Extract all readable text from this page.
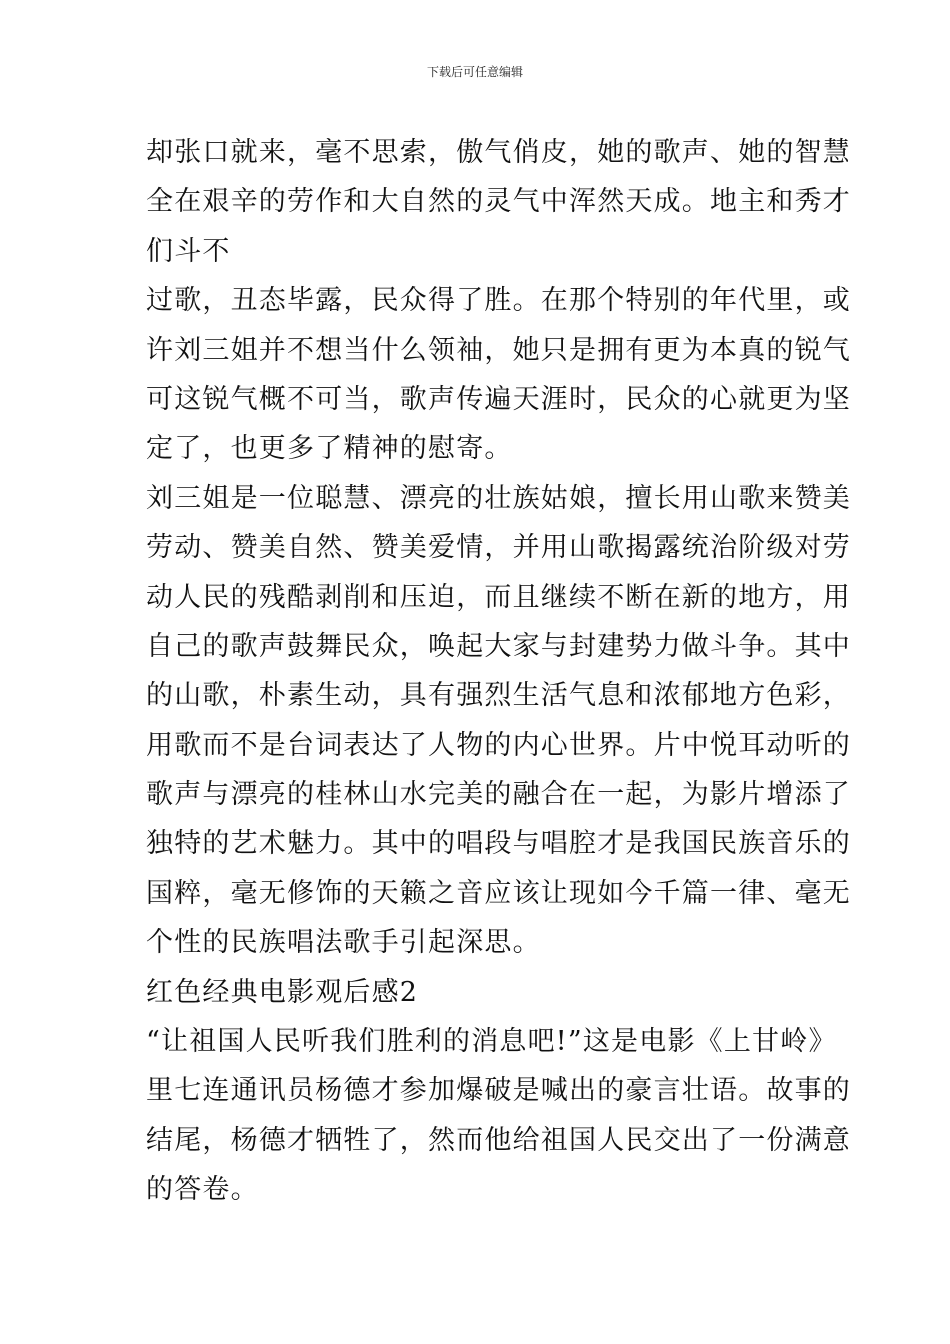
下载后可任意编辑
却张口就来，毫不思索，傲气俏皮，她的歌声、她的智慧
全在艰辛的劳作和大自然的灵气中浑然天成。地主和秀才
们斗不
过歌，丑态毕露，民众得了胜。在那个特别的年代里，或
许刘三姐并不想当什么领袖，她只是拥有更为本真的锐气
可这锐气概不可当，歌声传遍天涯时，民众的心就更为坚
定了，也更多了精神的慰寄。
刘三姐是一位聪慧、漂亮的壮族姑娘，擅长用山歌来赞美
劳动、赞美自然、赞美爱情，并用山歌揭露统治阶级对劳
动人民的残酷剥削和压迫，而且继续不断在新的地方，用
自己的歌声鼓舞民众，唤起大家与封建势力做斗争。其中
的山歌，朴素生动，具有强烈生活气息和浓郁地方色彩，
用歌而不是台词表达了人物的内心世界。片中悦耳动听的
歌声与漂亮的桂林山水完美的融合在一起，为影片增添了
独特的艺术魅力。其中的唱段与唱腔才是我国民族音乐的
国粹，毫无修饰的天籁之音应该让现如今千篇一律、毫无
个性的民族唱法歌手引起深思。
红色经典电影观后感2
“让祖国人民听我们胜利的消息吧!”这是电影《上甘岭》
里七连通讯员杨德才参加爆破是喊出的豪言壮语。故事的
结尾，杨德才牺牲了，然而他给祖国人民交出了一份满意
的答卷。
